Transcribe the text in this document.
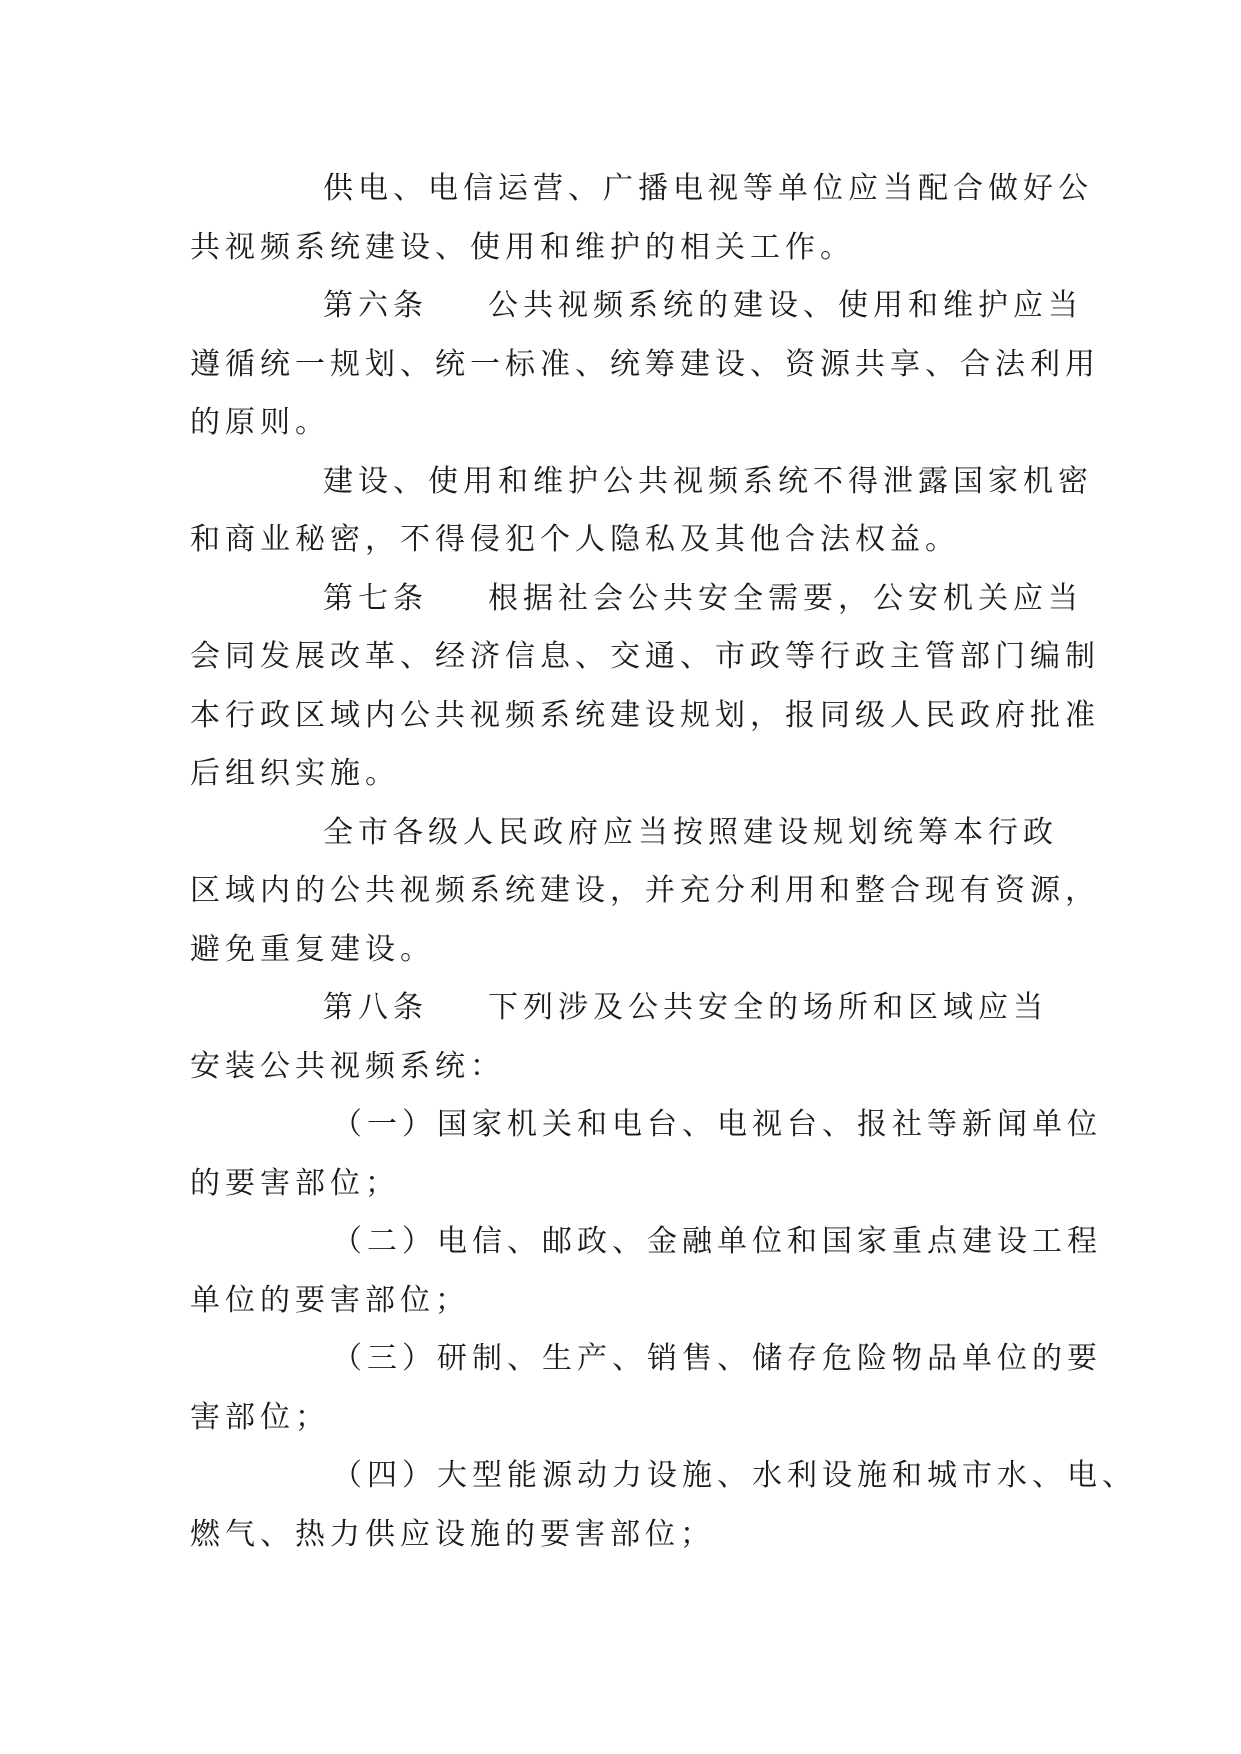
供电、电信运营、广播电视等单位应当配合做好公
共视频系统建设、使用和维护的相关工作。
第六条 公共视频系统的建设、使用和维护应当
遵循统一规划、统一标准、统筹建设、资源共享、合法利用
的原则。
建设、使用和维护公共视频系统不得泄露国家机密
和商业秘密，不得侵犯个人隐私及其他合法权益。
第七条 根据社会公共安全需要，公安机关应当
会同发展改革、经济信息、交通、市政等行政主管部门编制
本行政区域内公共视频系统建设规划，报同级人民政府批准
后组织实施。
全市各级人民政府应当按照建设规划统筹本行政
区域内的公共视频系统建设，并充分利用和整合现有资源，
避免重复建设。
第八条 下列涉及公共安全的场所和区域应当
安装公共视频系统：
（一）国家机关和电台、电视台、报社等新闻单位
的要害部位；
（二）电信、邮政、金融单位和国家重点建设工程
单位的要害部位；
（三）研制、生产、销售、储存危险物品单位的要
害部位；
（四）大型能源动力设施、水利设施和城市水、电、
燃气、热力供应设施的要害部位；
